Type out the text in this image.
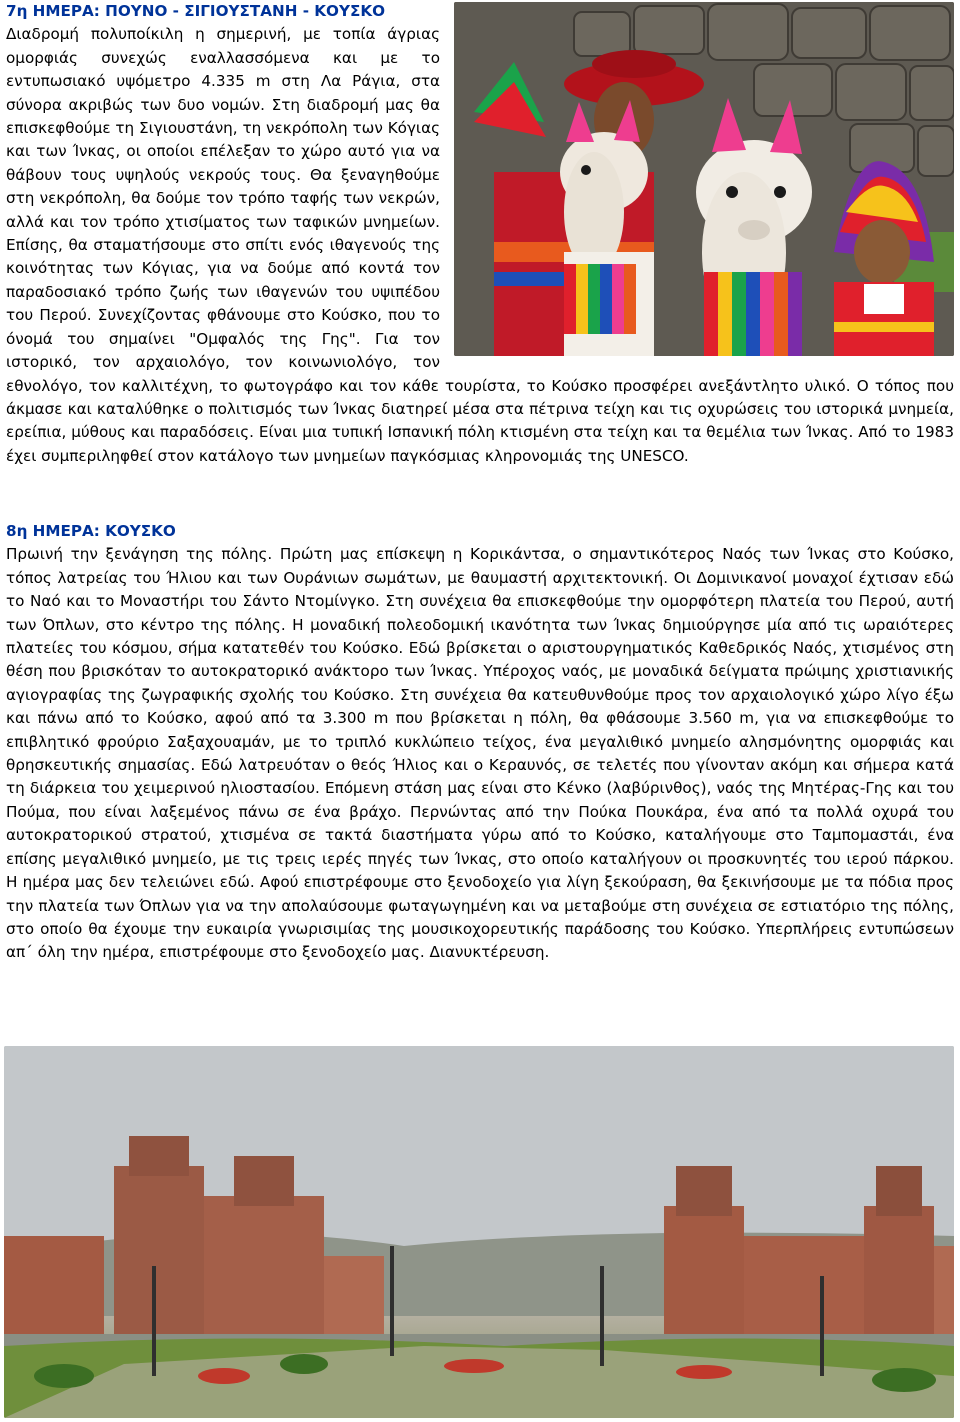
7η ΗΜΕΡΑ: ΠΟΥΝΟ - ΣΙΓΙΟΥΣΤΑΝΗ - ΚΟΥΣΚΟ

Διαδρομή πολυποίκιλη η σημερινή, με τοπία άγριας ομορφιάς συνεχώς εναλλασσόμενα και με το εντυπωσιακό υψόμετρο 4.335 m στη Λα Ράγια, στα σύνορα ακριβώς των δυο νομών. Στη διαδρομή μας θα επισκεφθούμε τη Σιγιουστάνη, τη νεκρόπολη των Κόγιας και των Ίνκας, οι οποίοι επέλεξαν το χώρο αυτό για να θάβουν τους υψηλούς νεκρούς τους. Θα ξεναγηθούμε στη νεκρόπολη, θα δούμε τον τρόπο ταφής των νεκρών, αλλά και τον τρόπο χτισίματος των ταφικών μνημείων. Επίσης, θα σταματήσουμε στο σπίτι ενός ιθαγενούς της κοινότητας των Κόγιας, για να δούμε από κοντά τον παραδοσιακό τρόπο ζωής των ιθαγενών του υψιπέδου του Περού. Συνεχίζοντας φθάνουμε στο Κούσκο, που το όνομά του σημαίνει "Ομφαλός της Γης". Για τον ιστορικό, τον αρχαιολόγο, τον κοινωνιολόγο, τον εθνολόγο, τον καλλιτέχνη, το φωτογράφο και τον κάθε τουρίστα, το Κούσκο προσφέρει ανεξάντλητο υλικό. Ο τόπος που άκμασε και καταλύθηκε ο πολιτισμός των Ίνκας διατηρεί μέσα στα πέτρινα τείχη και τις οχυρώσεις του ιστορικά μνημεία, ερείπια, μύθους και παραδόσεις. Είναι μια τυπική Ισπανική πόλη κτισμένη στα τείχη και τα θεμέλια των Ίνκας. Από το 1983 έχει συμπεριληφθεί στον κατάλογο των μνημείων παγκόσμιας κληρονομιάς της UNESCO.

8η ΗΜΕΡΑ: ΚΟΥΣΚΟ

Πρωινή την ξενάγηση της πόλης. Πρώτη μας επίσκεψη η Κορικάντσα, ο σημαντικότερος Ναός των Ίνκας στο Κούσκο, τόπος λατρείας του Ήλιου και των Ουράνιων σωμάτων, με θαυμαστή αρχιτεκτονική. Οι Δομινικανοί μοναχοί έχτισαν εδώ το Ναό και το Μοναστήρι του Σάντο Ντομίνγκο. Στη συνέχεια θα επισκεφθούμε την ομορφότερη πλατεία του Περού, αυτή των Όπλων, στο κέντρο της πόλης. Η μοναδική πολεοδομική ικανότητα των Ίνκας δημιούργησε μία από τις ωραιότερες πλατείες του κόσμου, σήμα κατατεθέν του Κούσκο. Εδώ βρίσκεται ο αριστουργηματικός Καθεδρικός Ναός, χτισμένος στη θέση που βρισκόταν το αυτοκρατορικό ανάκτορο των Ίνκας. Υπέροχος ναός, με μοναδικά δείγματα πρώιμης χριστιανικής αγιογραφίας της ζωγραφικής σχολής του Κούσκο. Στη συνέχεια θα κατευθυνθούμε προς τον αρχαιολογικό χώρο λίγο έξω και πάνω από το Κούσκο, αφού από τα 3.300 m που βρίσκεται η πόλη, θα φθάσουμε 3.560 m, για να επισκεφθούμε το επιβλητικό φρούριο Σαξαχουαμάν, με το τριπλό κυκλώπειο τείχος, ένα μεγαλιθικό μνημείο αλησμόνητης ομορφιάς και θρησκευτικής σημασίας. Εδώ λατρευόταν ο θεός Ήλιος και ο Κεραυνός, σε τελετές που γίνονταν ακόμη και σήμερα κατά τη διάρκεια του χειμερινού ηλιοστασίου. Επόμενη στάση μας είναι στο Κένκο (λαβύρινθος), ναός της Μητέρας-Γης και του Πούμα, που είναι λαξεμένος πάνω σε ένα βράχο. Περνώντας από την Πούκα Πουκάρα, ένα από τα πολλά οχυρά του αυτοκρατορικού στρατού, χτισμένα σε τακτά διαστήματα γύρω από το Κούσκο, καταλήγουμε στο Ταμπομαστάι, ένα επίσης μεγαλιθικό μνημείο, με τις τρεις ιερές πηγές των Ίνκας, στο οποίο καταλήγουν οι προσκυνητές του ιερού πάρκου. Η ημέρα μας δεν τελειώνει εδώ. Αφού επιστρέφουμε στο ξενοδοχείο για λίγη ξεκούραση, θα ξεκινήσουμε με τα πόδια προς την πλατεία των Όπλων για να την απολαύσουμε φωταγωγημένη και να μεταβούμε στη συνέχεια σε εστιατόριο της πόλης, στο οποίο θα έχουμε την ευκαιρία γνωρισιμίας της μουσικοχορευτικής παράδοσης του Κούσκο. Υπερπλήρεις εντυπώσεων απ΄ όλη την ημέρα, επιστρέφουμε στο ξενοδοχείο μας. Διανυκτέρευση.
